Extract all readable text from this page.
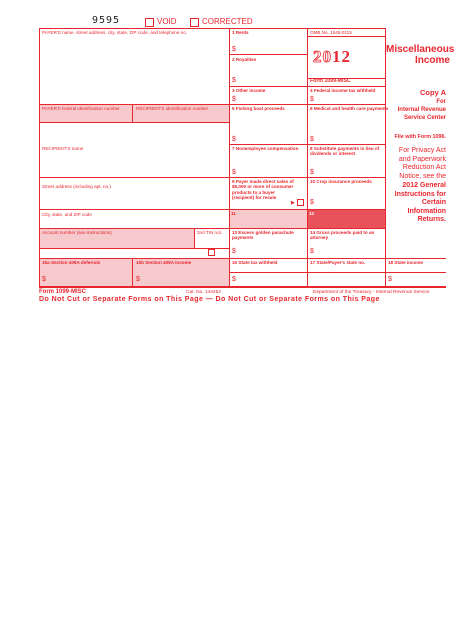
9595	VOID	CORRECTED
PAYER'S name, street address, city, state, ZIP code, and telephone no.
PAYER'S federal identification number	RECIPIENT'S identification number
RECIPIENT'S name
Street address (including apt. no.)
City, state, and ZIP code
Account number (see instructions)	2nd TIN not.
1 Rents
$
2 Royalties
$
OMB No. 1545-0115
2012
Form 1099-MISC
Miscellaneous
Income
3 Other income
$
4 Federal income tax withheld
$
5 Fishing boat proceeds
$
6 Medical and health care payments
$
7 Nonemployee compensation
$
8 Substitute payments in lieu of dividends or interest
$
9 Payer made direct sales of $5,000 or more of consumer products to a buyer (recipient) for resale
▶
10 Crop insurance proceeds
$
11	12
13 Excess golden parachute payments
$
14 Gross proceeds paid to an attorney
$
15a Section 409A deferrals
$
15b Section 409A income
$
16 State tax withheld
$
17 State/Payer's state no.	18 State income
$
Copy A
For
Internal Revenue
Service Center
File with Form 1096.
For Privacy Act
and Paperwork
Reduction Act
Notice, see the
2012 General
Instructions for
Certain
Information
Returns.
Form 1099-MISC	Cat. No. 14425J	Department of the Treasury - Internal Revenue Service
Do Not Cut or Separate Forms on This Page — Do Not Cut or Separate Forms on This Page
